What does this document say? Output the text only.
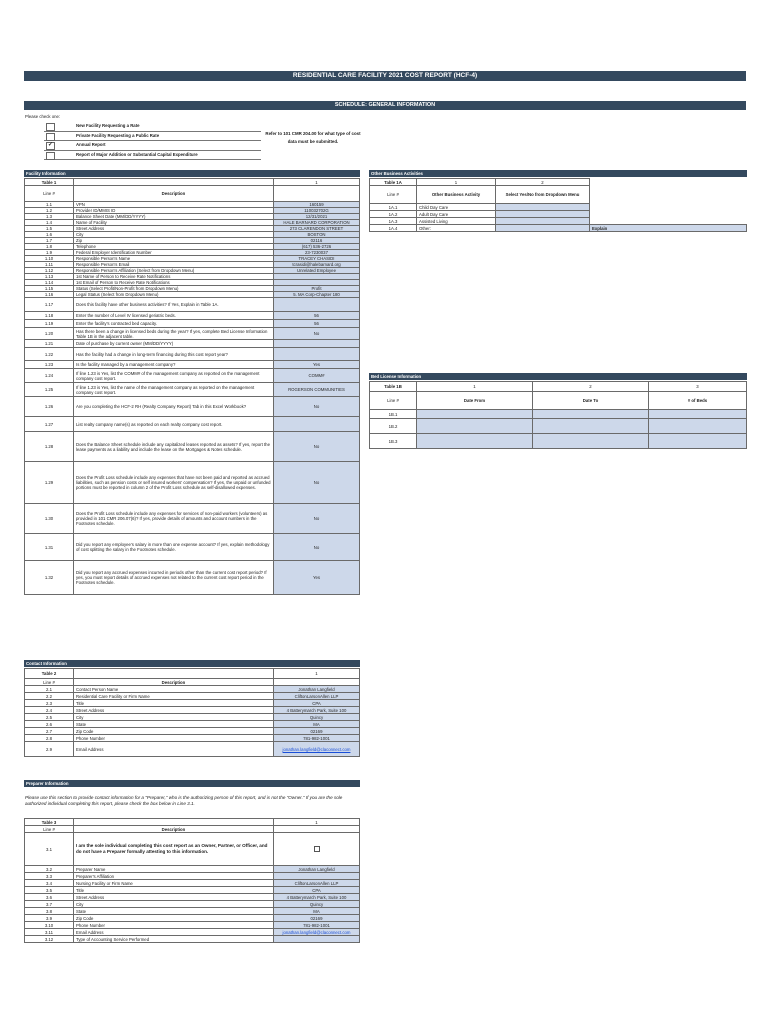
RESIDENTIAL CARE FACILITY 2021 COST REPORT (HCF-4)
SCHEDULE: GENERAL INFORMATION
Please check one:
New Facility Requesting a Rate
Private Facility Requesting a Public Rate
✓	Annual Report
Report of Major Addition or Substantial Capital Expenditure
Refer to 101 CMR 204.00 for what type of cost data must be submitted.
Facility Information
Table 1		1
Line #	Description	
1.1	VPN	160159
1.2	Provider ID/MMIS ID	110032702G
1.3	Balance Sheet Date (MM/DD/YYYY)	12/31/2021
1.4	Name of Facility	HALE BARNARD CORPORATION
1.5	Street Address	273 CLARENDON STREET
1.6	City	BOSTON
1.7	Zip	02116
1.8	Telephone	(617) 536-2726
1.9	Federal Employer Identification Number	23-7230037
1.10	Responsible Person's Name	TRACEY CHASIDI
1.11	Responsible Person's Email	tcrasidi@halebarnard.org
1.12	Responsible Person's Affiliation (Select from Dropdown Menu)	Unrelated Employee
1.13	1st Name of Person to Receive Rate Notifications	
1.14	1st Email of Person to Receive Rate Notifications	
1.15	Status (Select Profit/Non-Profit from Dropdown Menu)	Profit
1.16	Legal Status (Select from Dropdown Menu)	5. MA Corp-Chapter 180
1.17	Does this facility have other business activities? If Yes, Explain in Table 1A.	
1.18	Enter the number of Level IV licensed geriatric beds.	56
1.19	Enter the facility's contracted bed capacity.	56
1.20	Has there been a change in licensed beds during the year? If yes, complete Bed License Information Table 1B in the adjacent table.	No
1.21	Date of purchase by current owner (MM/DD/YYYY)	
1.22	Has the facility had a change in long-term financing during this cost report year?	
1.23	Is the facility managed by a management company?	Yes
1.24	If line 1.23 is Yes, list the COMM# of the management company as reported on the management company cost report.	COMM#
1.25	If line 1.23 is Yes, list the name of the management company as reported on the management company cost report.	ROGERSON COMMUNITIES
1.26	Are you completing the HCF-2 RH (Realty Company Report) Tab in this Excel Workbook?	No
1.27	List realty company name(s) as reported on each realty company cost report.	
1.28	Does the Balance Sheet schedule include any capitalized leases reported as assets? If yes, report the lease payments as a liability and include the lease on the Mortgages & Notes schedule.	No
1.29	Does the Profit Loss schedule include any expenses that have not been paid and reported as accrued liabilities, such as pension costs or self insured workers' compensation? If yes, the unpaid or unfunded portions must be reported in column 2 of the Profit Loss schedule as self-disallowed expenses.	No
1.30	Does the Profit Loss schedule include any expenses for services of non-paid workers (volunteers) as provided in 101 CMR 206.07(6)? If yes, provide details of amounts and account numbers in the Footnotes schedule.	No
1.31	Did you report any employee's salary in more than one expense account? If yes, explain methodology of cost splitting the salary in the Footnotes schedule.	No
1.32	Did you report any accrued expenses incurred in periods other than the current cost report period? If yes, you must report details of accrued expenses not related to the current cost report period in the Footnotes schedule.	Yes
Other Business Activities
Table 1A	1	2	
Line #	Other Business Activity	Select Yes/No from Dropdown Menu	
1A.1	Child Day Care		
1A.2	Adult Day Care		
1A.3	Assisted Living		
1A.4	Other:		Explain
Bed License Information
Table 1B	1	2	3
Line #	Date From	Date To	# of Beds
1B.1			
1B.2			
1B.3			
Contact Information
Table 2		1
Line #	Description	
2.1	Contact Person Name	Jonathan Langfield
2.2	Residential Care Facility or Firm Name	CliftonLarsonAllen LLP
2.3	Title	CPA
2.4	Street Address	4 Batterymarch Park, Suite 100
2.5	City	Quincy
2.6	State	MA
2.7	Zip Code	02169
2.8	Phone Number	781-982-1001
2.9	Email Address	jonathan.langfield@claconnect.com
Preparer Information
Please use this section to provide contact information for a "Preparer," who is the authorizing person of this report, and is not the "Owner." If you are the sole authorized individual completing this report, please check the box below in Line 3.1.
Table 3		1
Line #	Description	
3.1	I am the sole individual completing this cost report as an Owner, Partner, or Officer, and do not have a Preparer formally attesting to this information.	
3.2	Preparer Name	Jonathan Langfield
3.3	Preparer's Affiliation	
3.4	Nursing Facility or Firm Name	CliftonLarsonAllen LLP
3.5	Title	CPA
3.6	Street Address	4 Batterymarch Park, Suite 100
3.7	City	Quincy
3.8	State	MA
3.9	Zip Code	02169
3.10	Phone Number	781-982-1001
3.11	Email Address	jonathan.langfield@claconnect.com
3.12	Type of Accounting Service Performed	
